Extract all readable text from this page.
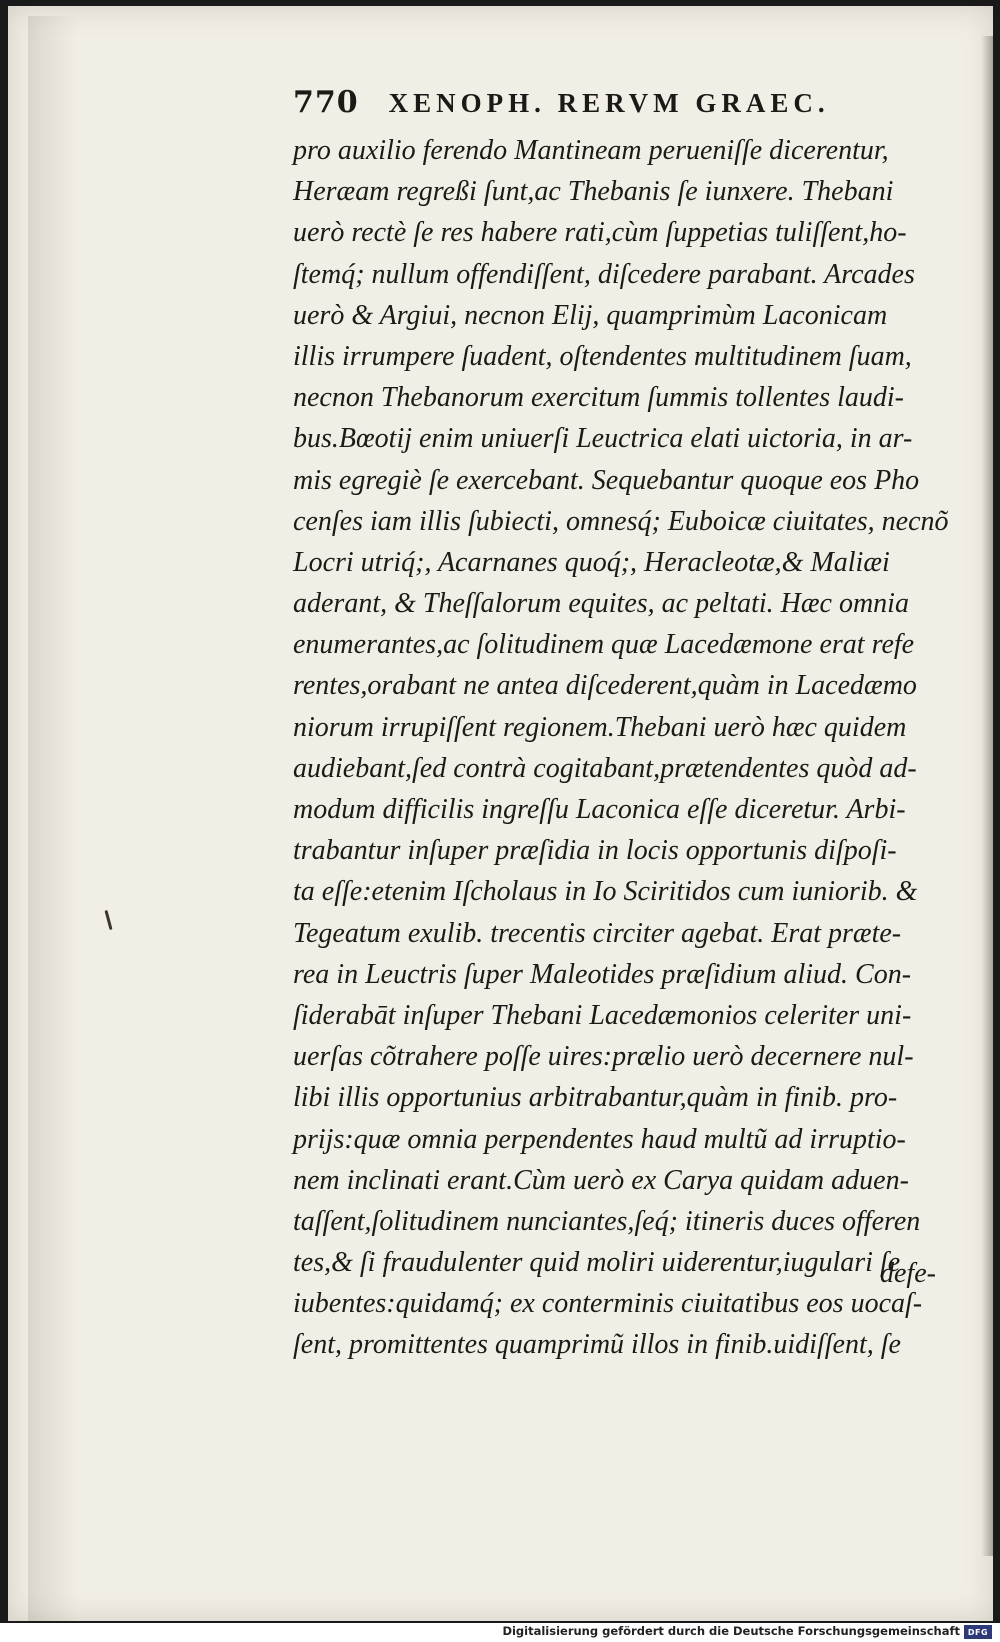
770 XENOPH. RERVM GRAEC.
pro auxilio ferendo Mantineam perueniſſe dicerentur,
Heræam regreßi ſunt,ac Thebanis ſe iunxere. Thebani
uerò rectè ſe res habere rati,cùm ſuppetias tuliſſent,ho-
ſtemq́; nullum offendiſſent, diſcedere parabant. Arcades
uerò & Argiui, necnon Elij, quamprimùm Laconicam
illis irrumpere ſuadent, oſtendentes multitudinem ſuam,
necnon Thebanorum exercitum ſummis tollentes laudi-
bus.Bœotij enim uniuerſi Leuctrica elati uictoria, in ar-
mis egregiè ſe exercebant. Sequebantur quoque eos Pho
cenſes iam illis ſubiecti, omnesq́; Euboicæ ciuitates, necnõ
Locri utriq́;, Acarnanes quoq́;, Heracleotæ,& Maliæi
aderant, & Theſſalorum equites, ac peltati. Hæc omnia
enumerantes,ac ſolitudinem quæ Lacedæmone erat refe
rentes,orabant ne antea diſcederent,quàm in Lacedæmo
niorum irrupiſſent regionem.Thebani uerò hæc quidem
audiebant,ſed contrà cogitabant,prætendentes quòd ad-
modum difficilis ingreſſu Laconica eſſe diceretur. Arbi-
trabantur inſuper præſidia in locis opportunis diſpoſi-
ta eſſe:etenim Iſcholaus in Io Sciritidos cum iuniorib. &
Tegeatum exulib. trecentis circiter agebat. Erat præte-
rea in Leuctris ſuper Maleotides præſidium aliud. Con-
ſiderabāt inſuper Thebani Lacedæmonios celeriter uni-
uerſas cõtrahere poſſe uires:prælio uerò decernere nul-
libi illis opportunius arbitrabantur,quàm in finib. pro-
prijs:quæ omnia perpendentes haud multũ ad irruptio-
nem inclinati erant.Cùm uerò ex Carya quidam aduen-
taſſent,ſolitudinem nunciantes,ſeq́; itineris duces offeren
tes,& ſi fraudulenter quid moliri uiderentur,iugulari ſe
iubentes:quidamq́; ex conterminis ciuitatibus eos uocaſ-
ſent, promittentes quamprimũ illos in finib.uidiſſent, ſe
defe-
Digitalisierung gefördert durch die Deutsche Forschungsgemeinschaft DFG
